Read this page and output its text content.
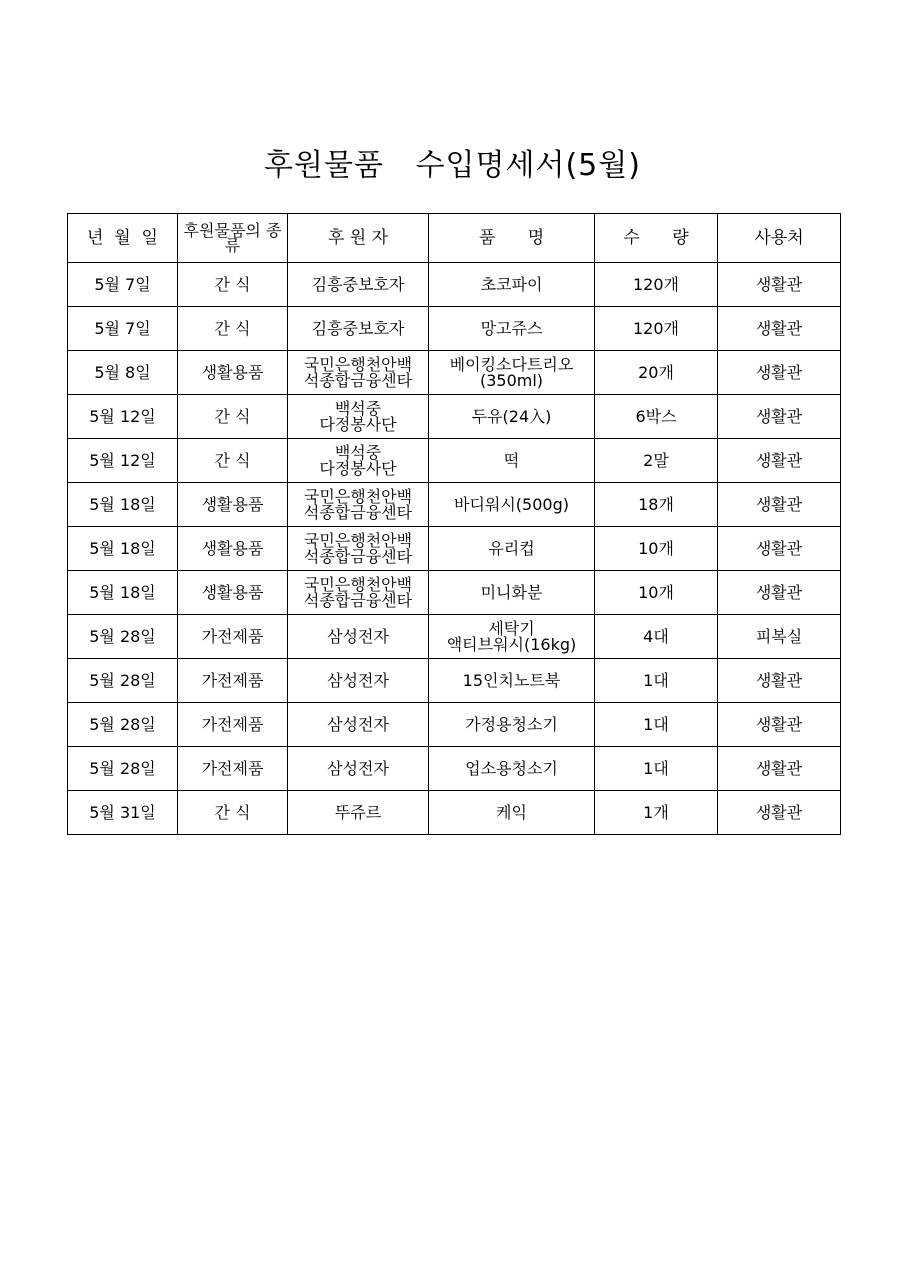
후원물품   수입명세서(5월)
년  월  일	후원물품의 종류	후 원 자	품      명	수      량	사용처
5월 7일	간 식	김흥중보호자	초코파이	120개	생활관
5월 7일	간 식	김흥중보호자	망고쥬스	120개	생활관
5월 8일	생활용품	국민은행천안백
석종합금융센타	베이킹소다트리오(350ml)	20개	생활관
5월 12일	간 식	백석중
다정봉사단	두유(24入)	6박스	생활관
5월 12일	간 식	백석중
다정봉사단	떡	2말	생활관
5월 18일	생활용품	국민은행천안백
석종합금융센타	바디워시(500g)	18개	생활관
5월 18일	생활용품	국민은행천안백
석종합금융센타	유리컵	10개	생활관
5월 18일	생활용품	국민은행천안백
석종합금융센타	미니화분	10개	생활관
5월 28일	가전제품	삼성전자	세탁기
액티브워시(16kg)	4대	피복실
5월 28일	가전제품	삼성전자	15인치노트북	1대	생활관
5월 28일	가전제품	삼성전자	가정용청소기	1대	생활관
5월 28일	가전제품	삼성전자	업소용청소기	1대	생활관
5월 31일	간 식	뚜쥬르	케익	1개	생활관
